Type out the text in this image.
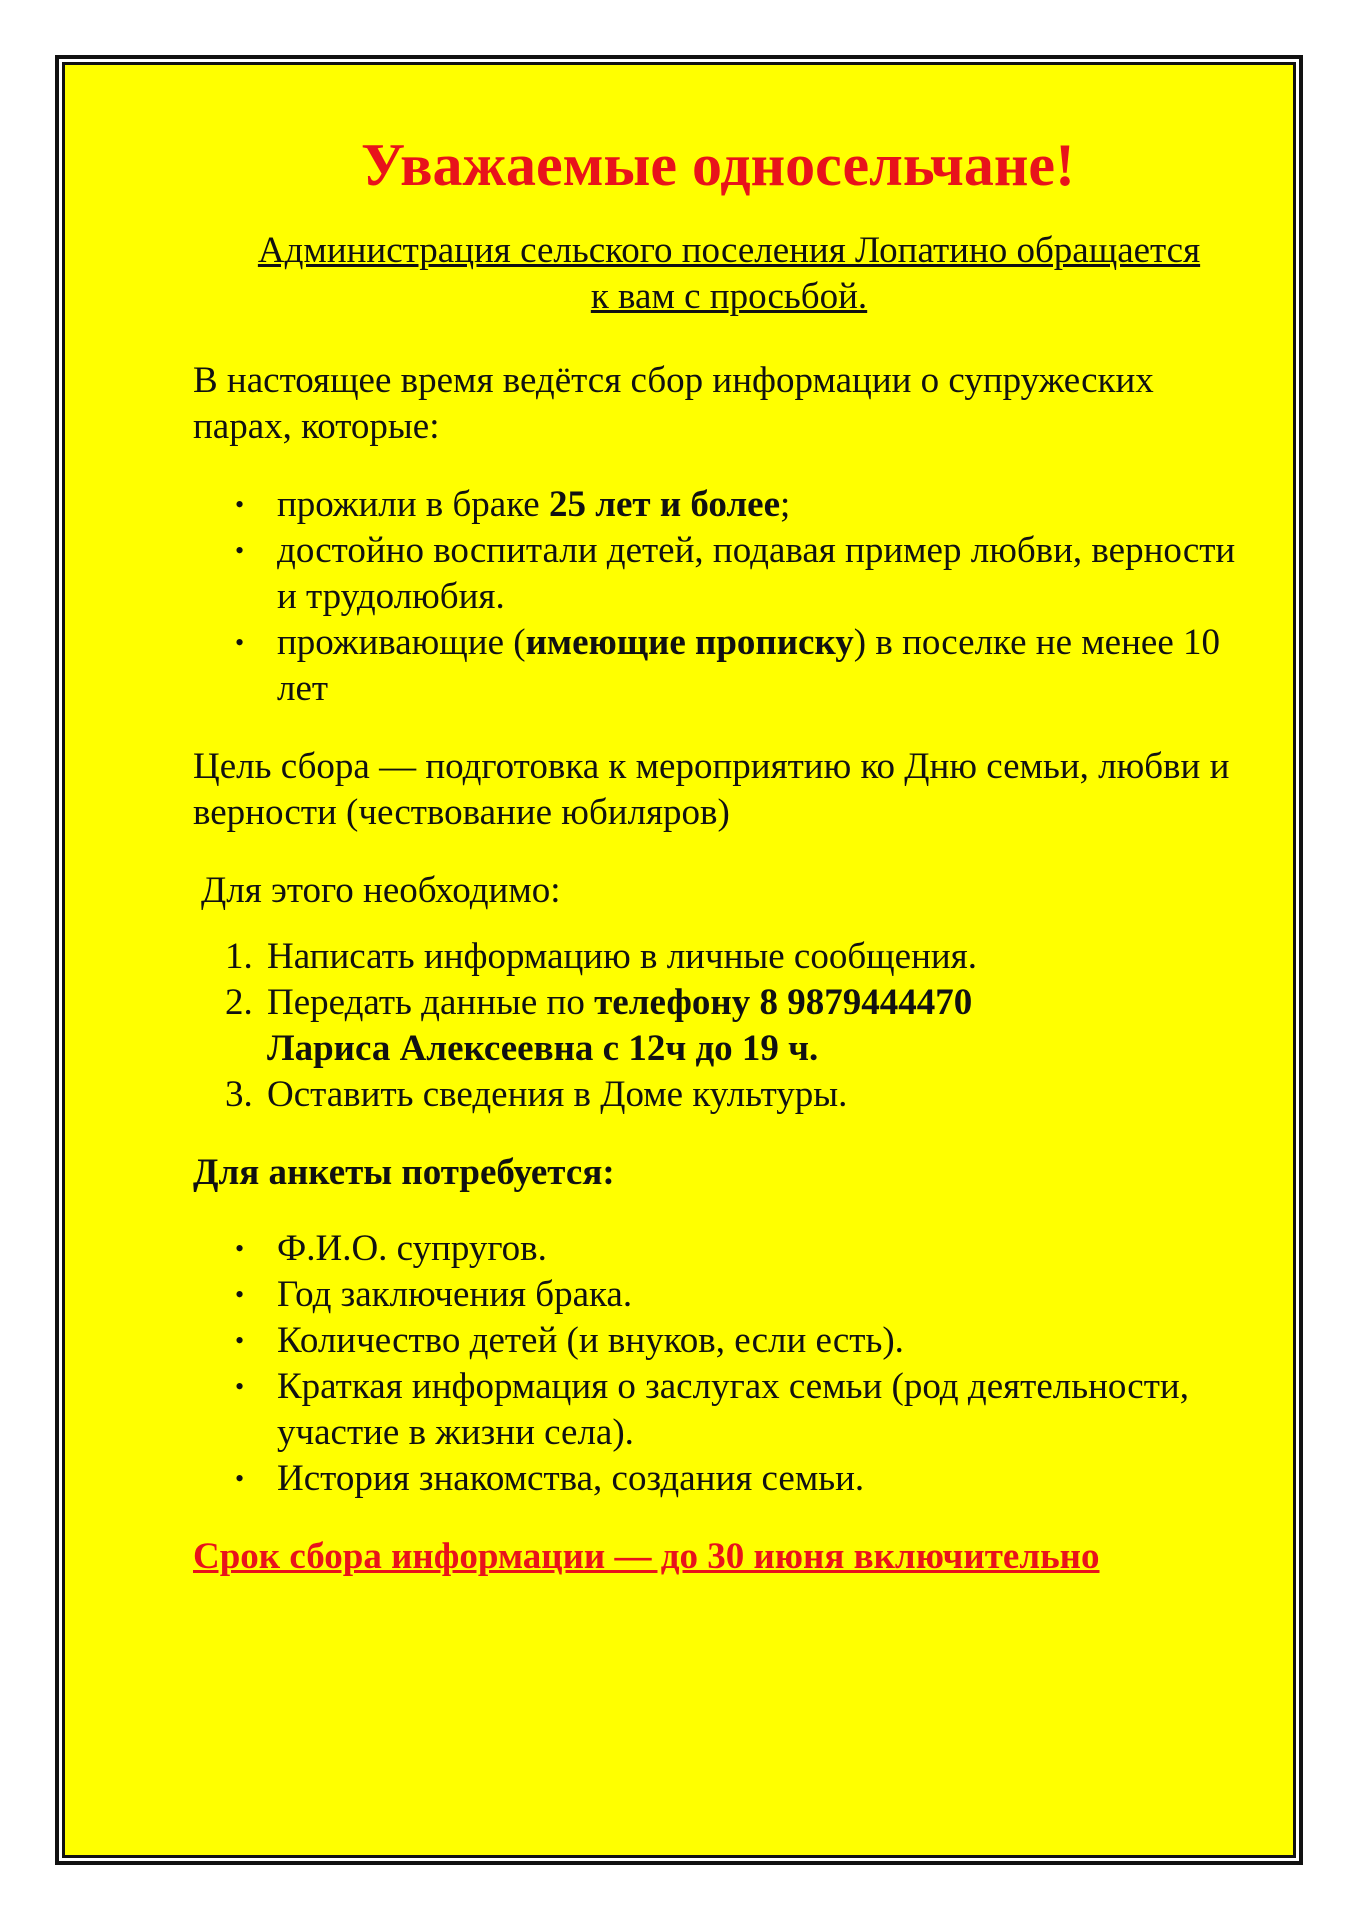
Уважаемые односельчане!
Администрация сельского поселения Лопатино обращается
к вам с просьбой.
В настоящее время ведётся сбор информации о супружеских парах, которые:
• прожили в браке 25 лет и более;
• достойно воспитали детей, подавая пример любви, верности и трудолюбия.
• проживающие (имеющие прописку) в поселке не менее 10 лет
Цель сбора — подготовка к мероприятию ко Дню семьи, любви и верности (чествование юбиляров)
Для этого необходимо:
1. Написать информацию в личные сообщения.
2. Передать данные по телефону 8 9879444470
Лариса Алексеевна с 12ч до 19 ч.
3. Оставить сведения в Доме культуры.
Для анкеты потребуется:
• Ф.И.О. супругов.
• Год заключения брака.
• Количество детей (и внуков, если есть).
• Краткая информация о заслугах семьи (род деятельности, участие в жизни села).
• История знакомства, создания семьи.
Срок сбора информации — до 30 июня включительно
